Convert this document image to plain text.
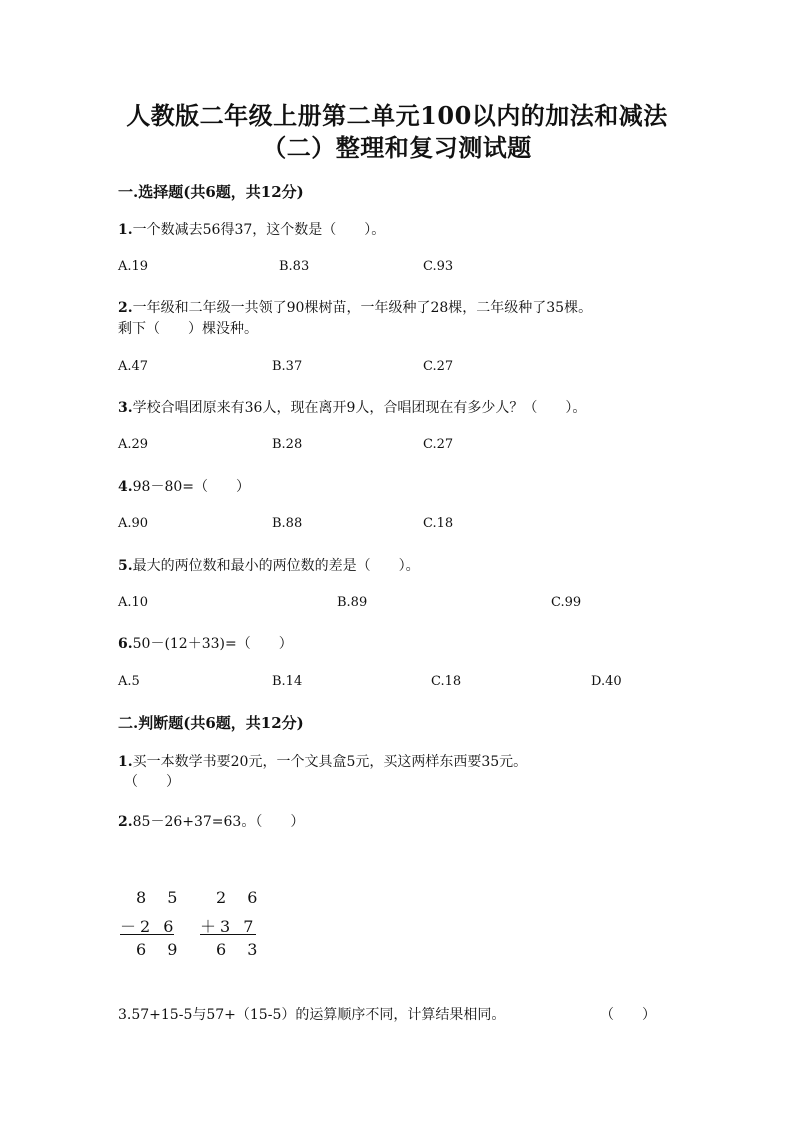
人教版二年级上册第二单元100以内的加法和减法
（二）整理和复习测试题
一.选择题(共6题，共12分)
1.一个数减去56得37，这个数是（　　）。
A.19	B.83	C.93
2.一年级和二年级一共领了90棵树苗，一年级种了28棵，二年级种了35棵。
剩下（　　）棵没种。
A.47	B.37	C.27
3.学校合唱团原来有36人，现在离开9人，合唱团现在有多少人？（　　）。
A.29	B.28	C.27
4.98－80=（　　）
A.90	B.88	C.18
5.最大的两位数和最小的两位数的差是（　　）。
A.10	B.89	C.99
6.50－(12＋33)=（　　）
A.5	B.14	C.18	D.40
二.判断题(共6题，共12分)
1.买一本数学书要20元，一个文具盒5元，买这两样东西要35元。
（　　）
2.85－26+37=63。（　　）
8 5
－2 6
6 9
2 6
＋3 7
6 3
3.57+15-5与57+（15-5）的运算顺序不同，计算结果相同。	（　　）
